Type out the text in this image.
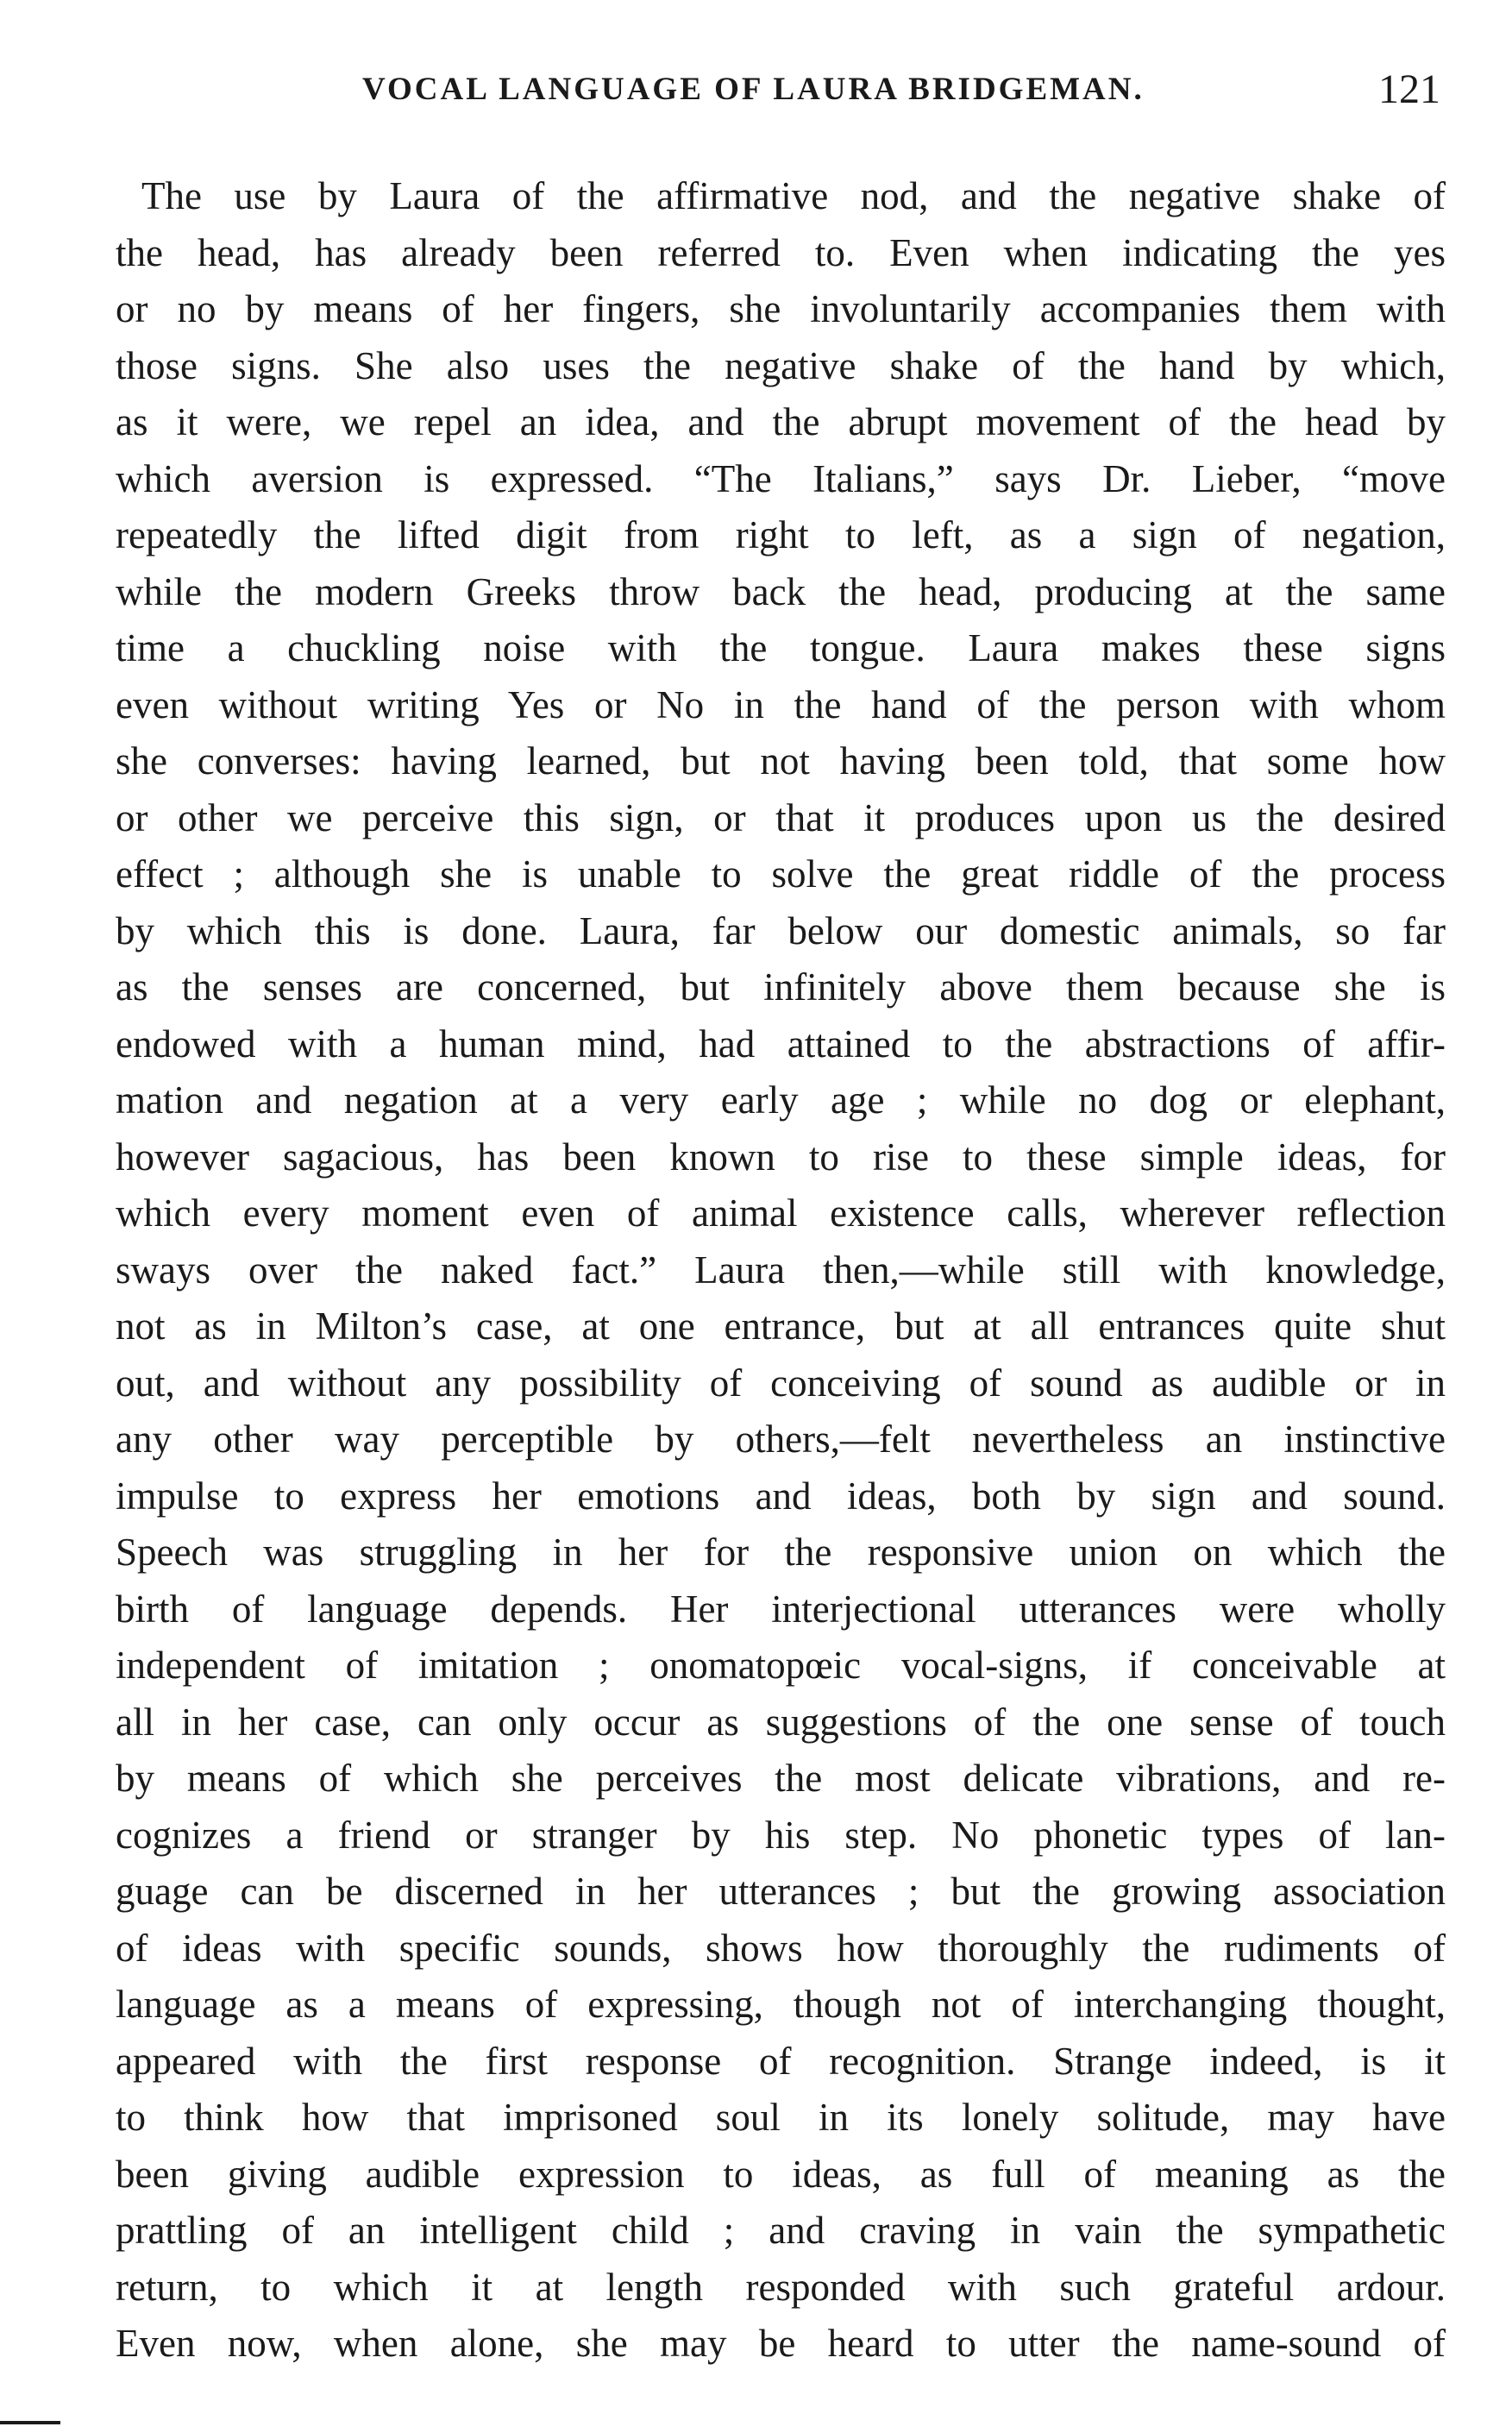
VOCAL LANGUAGE OF LAURA BRIDGEMAN.	121
The use by Laura of the affirmative nod, and the negative shake of
the head, has already been referred to. Even when indicating the yes
or no by means of her fingers, she involuntarily accompanies them with
those signs. She also uses the negative shake of the hand by which,
as it were, we repel an idea, and the abrupt movement of the head by
which aversion is expressed. “The Italians,” says Dr. Lieber, “move
repeatedly the lifted digit from right to left, as a sign of negation,
while the modern Greeks throw back the head, producing at the same
time a chuckling noise with the tongue. Laura makes these signs
even without writing Yes or No in the hand of the person with whom
she converses: having learned, but not having been told, that some how
or other we perceive this sign, or that it produces upon us the desired
effect ; although she is unable to solve the great riddle of the process
by which this is done. Laura, far below our domestic animals, so far
as the senses are concerned, but infinitely above them because she is
endowed with a human mind, had attained to the abstractions of affir-
mation and negation at a very early age ; while no dog or elephant,
however sagacious, has been known to rise to these simple ideas, for
which every moment even of animal existence calls, wherever reflection
sways over the naked fact.” Laura then,—while still with knowledge,
not as in Milton’s case, at one entrance, but at all entrances quite shut
out, and without any possibility of conceiving of sound as audible or in
any other way perceptible by others,—felt nevertheless an instinctive
impulse to express her emotions and ideas, both by sign and sound.
Speech was struggling in her for the responsive union on which the
birth of language depends. Her interjectional utterances were wholly
independent of imitation ; onomatopœic vocal-signs, if conceivable at
all in her case, can only occur as suggestions of the one sense of touch
by means of which she perceives the most delicate vibrations, and re-
cognizes a friend or stranger by his step. No phonetic types of lan-
guage can be discerned in her utterances ; but the growing association
of ideas with specific sounds, shows how thoroughly the rudiments of
language as a means of expressing, though not of interchanging thought,
appeared with the first response of recognition. Strange indeed, is it
to think how that imprisoned soul in its lonely solitude, may have
been giving audible expression to ideas, as full of meaning as the
prattling of an intelligent child ; and craving in vain the sympathetic
return, to which it at length responded with such grateful ardour.
Even now, when alone, she may be heard to utter the name-sound of
